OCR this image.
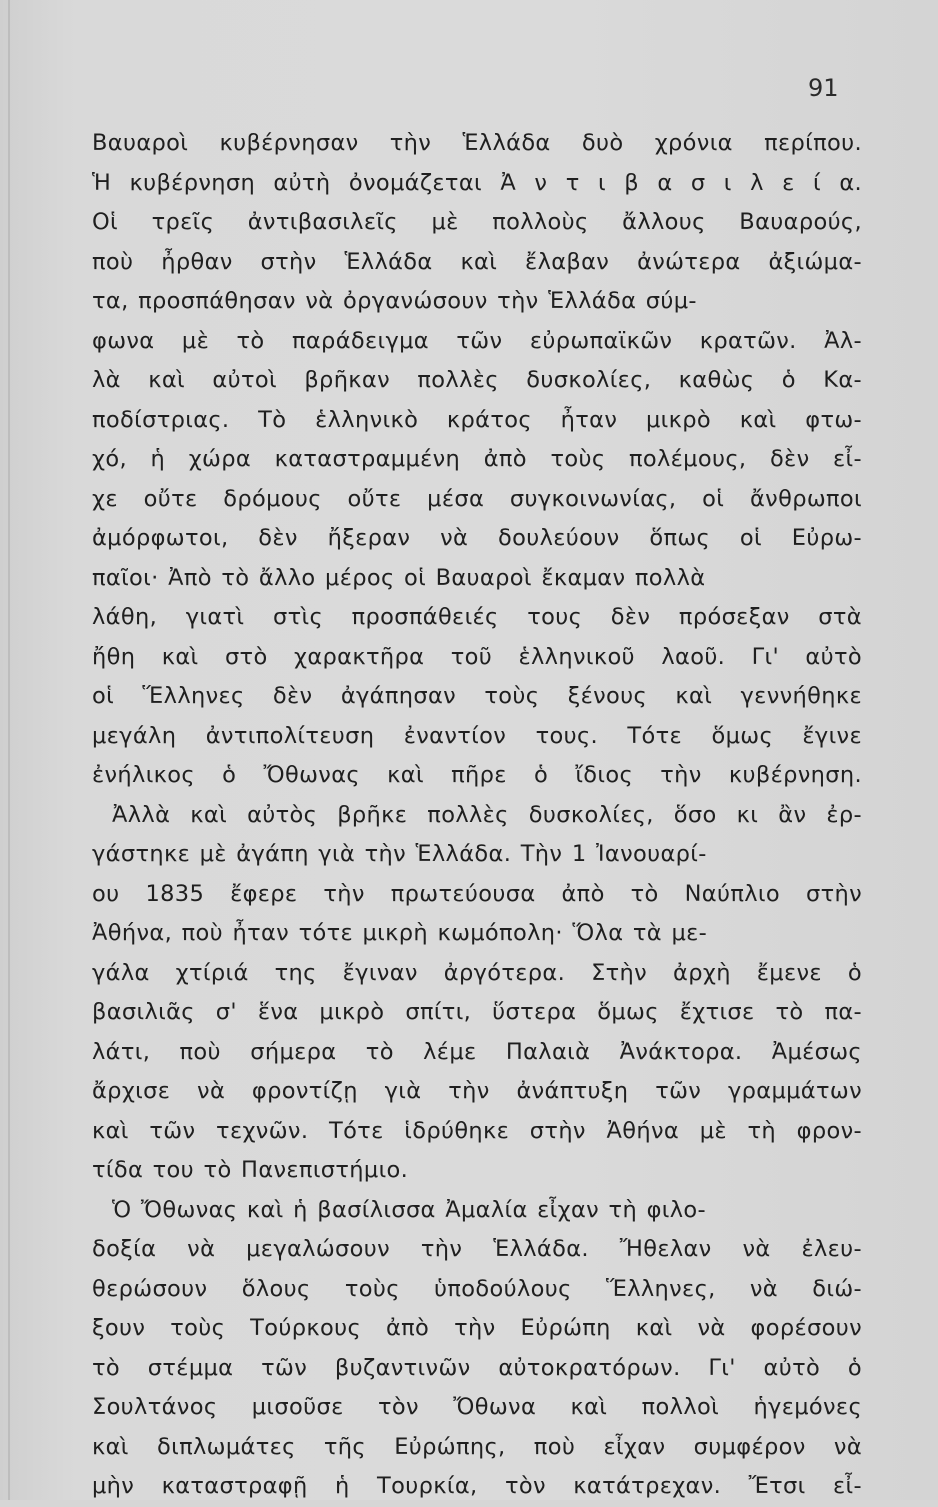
91
Βαυαροὶ κυβέρνησαν τὴν Ἑλλάδα δυὸ χρόνια περίπου.
Ἡ κυβέρνηση αὐτὴ ὀνομάζεται Ἀ ν τ ι β α σ ι λ ε ί α.
Οἱ τρεῖς ἀντιβασιλεῖς μὲ πολλοὺς ἄλλους Βαυαρούς,
ποὺ ἦρθαν στὴν Ἑλλάδα καὶ ἔλαβαν ἀνώτερα ἀξιώμα-
τα, προσπάθησαν νὰ ὀργανώσουν τὴν Ἑλλάδα σύμ-
φωνα μὲ τὸ παράδειγμα τῶν εὐρωπαϊκῶν κρατῶν. Ἀλ-
λὰ καὶ αὐτοὶ βρῆκαν πολλὲς δυσκολίες, καθὼς ὁ Κα-
ποδίστριας. Τὸ ἑλληνικὸ κράτος ἦταν μικρὸ καὶ φτω-
χό, ἡ χώρα καταστραμμένη ἀπὸ τοὺς πολέμους, δὲν εἶ-
χε οὔτε δρόμους οὔτε μέσα συγκοινωνίας, οἱ ἄνθρωποι
ἀμόρφωτοι, δὲν ἤξεραν νὰ δουλεύουν ὅπως οἱ Εὐρω-
παῖοι· Ἀπὸ τὸ ἄλλο μέρος οἱ Βαυαροὶ ἔκαμαν πολλὰ
λάθη, γιατὶ στὶς προσπάθειές τους δὲν πρόσεξαν στὰ
ἤθη καὶ στὸ χαρακτῆρα τοῦ ἑλληνικοῦ λαοῦ. Γι' αὐτὸ
οἱ Ἕλληνες δὲν ἀγάπησαν τοὺς ξένους καὶ γεννήθηκε
μεγάλη ἀντιπολίτευση ἐναντίον τους. Τότε ὅμως ἔγινε
ἐνήλικος ὁ Ὄθωνας καὶ πῆρε ὁ ἴδιος τὴν κυβέρνηση.
Ἀλλὰ καὶ αὐτὸς βρῆκε πολλὲς δυσκολίες, ὅσο κι ἂν ἐρ-
γάστηκε μὲ ἀγάπη γιὰ τὴν Ἑλλάδα. Τὴν 1 Ἰανουαρί-
ου 1835 ἔφερε τὴν πρωτεύουσα ἀπὸ τὸ Ναύπλιο στὴν
Ἀθήνα, ποὺ ἦταν τότε μικρὴ κωμόπολη· Ὅλα τὰ με-
γάλα χτίριά της ἔγιναν ἀργότερα. Στὴν ἀρχὴ ἔμενε ὁ
βασιλιᾶς σ' ἕνα μικρὸ σπίτι, ὕστερα ὅμως ἔχτισε τὸ πα-
λάτι, ποὺ σήμερα τὸ λέμε Παλαιὰ Ἀνάκτορα. Ἀμέσως
ἄρχισε νὰ φροντίζῃ γιὰ τὴν ἀνάπτυξη τῶν γραμμάτων
καὶ τῶν τεχνῶν. Τότε ἱδρύθηκε στὴν Ἀθήνα μὲ τὴ φρον-
τίδα του τὸ Πανεπιστήμιο.
Ὁ Ὄθωνας καὶ ἡ βασίλισσα Ἀμαλία εἶχαν τὴ φιλο-
δοξία νὰ μεγαλώσουν τὴν Ἑλλάδα. Ἤθελαν νὰ ἐλευ-
θερώσουν ὅλους τοὺς ὑποδούλους Ἕλληνες, νὰ διώ-
ξουν τοὺς Τούρκους ἀπὸ τὴν Εὐρώπη καὶ νὰ φορέσουν
τὸ στέμμα τῶν βυζαντινῶν αὐτοκρατόρων. Γι' αὐτὸ ὁ
Σουλτάνος μισοῦσε τὸν Ὄθωνα καὶ πολλοὶ ἡγεμόνες
καὶ διπλωμάτες τῆς Εὐρώπης, ποὺ εἶχαν συμφέρον νὰ
μὴν καταστραφῇ ἡ Τουρκία, τὸν κατάτρεχαν. Ἔτσι εἶ-
